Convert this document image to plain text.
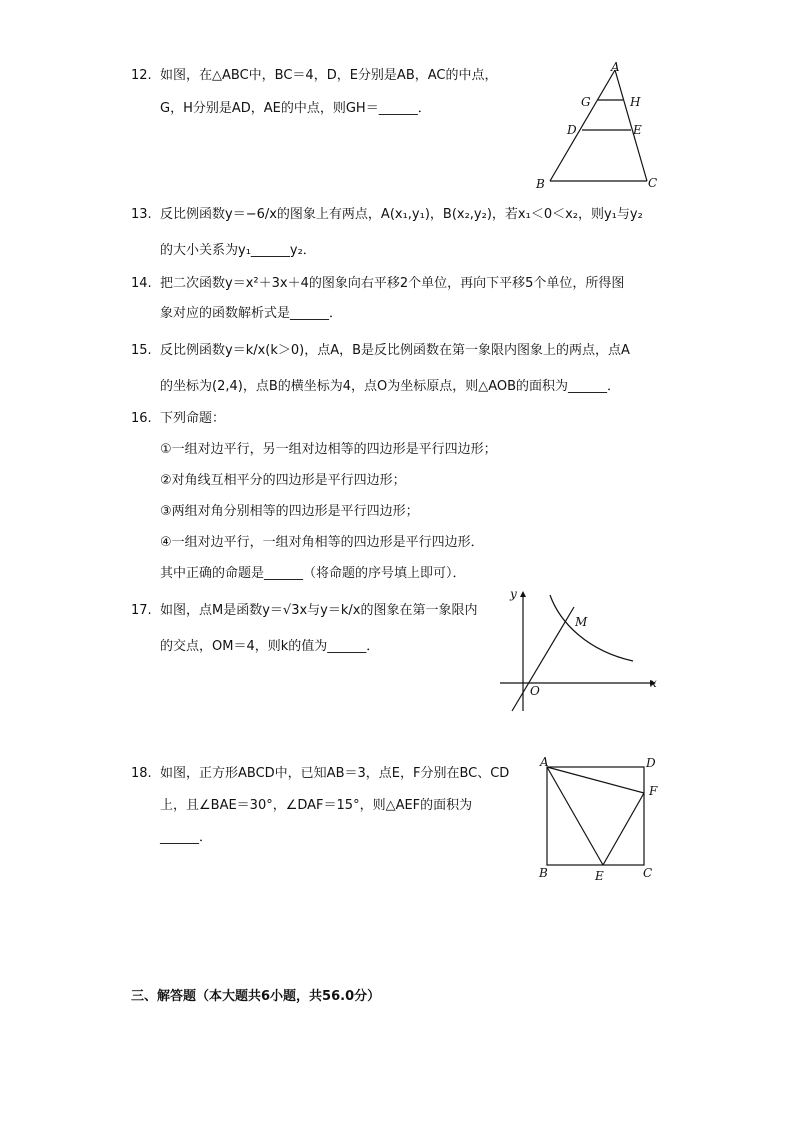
12. 如图，在△ABC中，BC＝4，D，E分别是AB，AC的中点，
G，H分别是AD，AE的中点，则GH＝______．
A
B	C
D	E
G	H
13. 反比例函数y＝−6/x的图象上有两点，A(x₁,y₁)，B(x₂,y₂)，若x₁＜0＜x₂，则y₁与y₂
的大小关系为y₁______y₂．
14. 把二次函数y＝x²＋3x＋4的图象向右平移2个单位，再向下平移5个单位，所得图
象对应的函数解析式是______．
15. 反比例函数y＝k/x(k＞0)，点A，B是反比例函数在第一象限内图象上的两点，点A
的坐标为(2,4)，点B的横坐标为4，点O为坐标原点，则△AOB的面积为______．
16. 下列命题：
①一组对边平行，另一组对边相等的四边形是平行四边形；
②对角线互相平分的四边形是平行四边形；
③两组对角分别相等的四边形是平行四边形；
④一组对边平行，一组对角相等的四边形是平行四边形．
其中正确的命题是______（将命题的序号填上即可）．
17. 如图，点M是函数y＝√3x与y＝k/x的图象在第一象限内
的交点，OM＝4，则k的值为______．
y
x
O
M
18. 如图，正方形ABCD中，已知AB＝3，点E，F分别在BC、CD
上，且∠BAE＝30°，∠DAF＝15°，则△AEF的面积为
______．
A	D
F
B	E	C
三、解答题（本大题共6小题，共56.0分）
